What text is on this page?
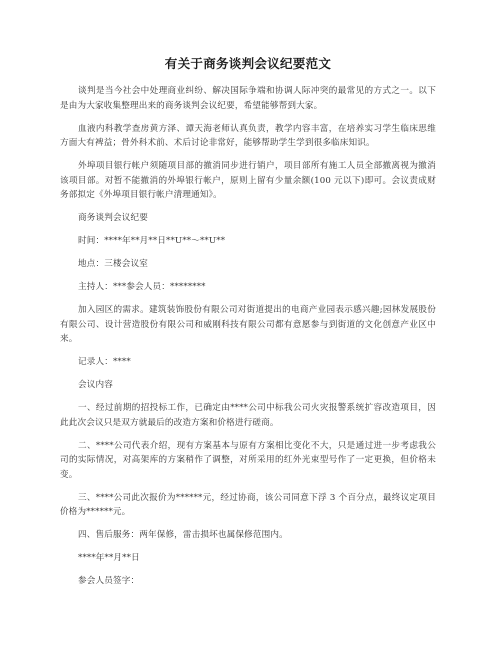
有关于商务谈判会议纪要范文

谈判是当今社会中处理商业纠纷、解决国际争端和协调人际冲突的最常见的方式之一。以下是由为大家收集整理出来的商务谈判会议纪要，希望能够帮到大家。

血液内科教学查房黄方泽、谭天海老师认真负责，教学内容丰富，在培养实习学生临床思维方面大有裨益；骨外科术前、术后讨论非常好，能够帮助学生学到很多临床知识。

外埠项目银行帐户须随项目部的撤消同步进行销户，项目部所有施工人员全部撤离视为撤消该项目部。对暂不能撤消的外埠银行帐户，原则上留有少量余额(100 元以下)即可。会议责成财务部拟定《外埠项目银行帐户清理通知》。

商务谈判会议纪要

时间：****年**月**日**U**～**U**

地点：三楼会议室

主持人：***参会人员：********

加入园区的需求。建筑装饰股份有限公司对街道提出的电商产业园表示感兴趣;园林发展股份有限公司、设计营造股份有限公司和威刚科技有限公司都有意愿参与到街道的文化创意产业区中来。

记录人：****

会议内容

一、经过前期的招投标工作，已确定由****公司中标我公司火灾报警系统扩容改造项目，因此此次会议只是双方就最后的改造方案和价格进行磋商。

二、****公司代表介绍，现有方案基本与原有方案相比变化不大，只是通过进一步考虑我公司的实际情况，对高架库的方案稍作了调整，对所采用的红外光束型号作了一定更换，但价格未变。

三、****公司此次报价为******元，经过协商，该公司同意下浮 3 个百分点，最终议定项目价格为******元。

四、售后服务：两年保修，雷击损坏也属保修范围内。

****年**月**日

参会人员签字：
